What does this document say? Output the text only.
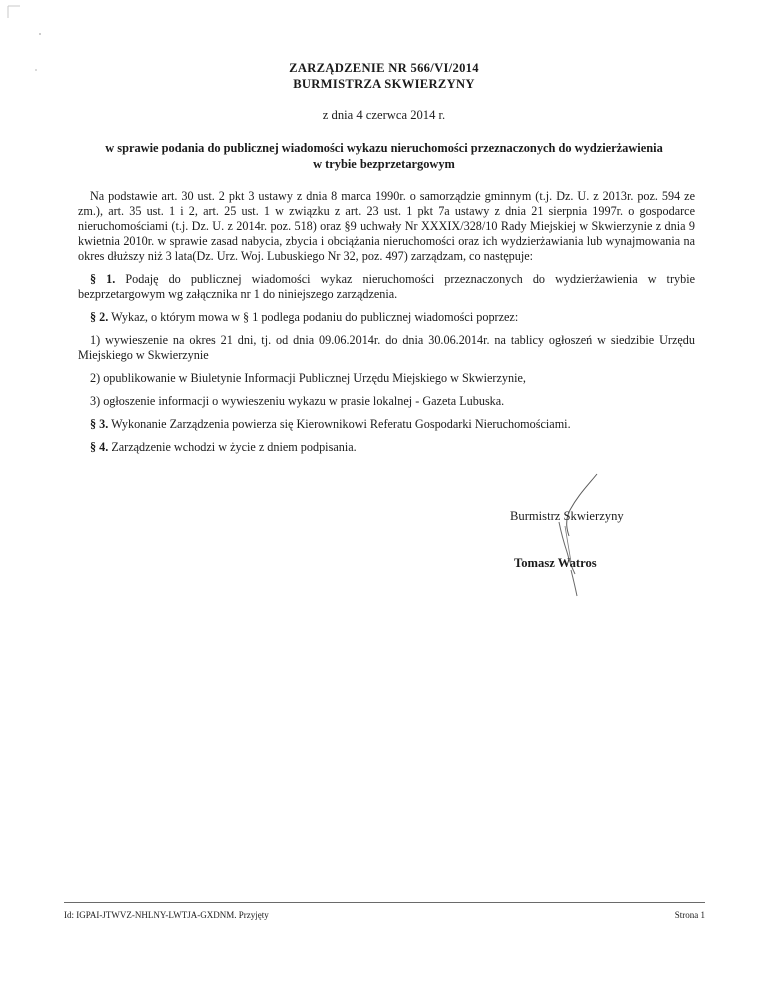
ZARZĄDZENIE NR 566/VI/2014
BURMISTRZA SKWIERZYNY
z dnia 4 czerwca 2014 r.
w sprawie podania do publicznej wiadomości wykazu nieruchomości przeznaczonych do wydzierżawienia
w trybie bezprzetargowym

Na podstawie art. 30 ust. 2 pkt 3 ustawy z dnia 8 marca 1990r. o samorządzie gminnym (t.j. Dz. U. z 2013r. poz. 594 ze zm.), art. 35 ust. 1 i 2, art. 25 ust. 1 w związku z art. 23 ust. 1 pkt 7a ustawy z dnia 21 sierpnia 1997r. o gospodarce nieruchomościami (t.j. Dz. U. z 2014r. poz. 518) oraz §9 uchwały Nr XXXIX/328/10 Rady Miejskiej w Skwierzynie z dnia 9 kwietnia 2010r. w sprawie zasad nabycia, zbycia i obciążania nieruchomości oraz ich wydzierżawiania lub wynajmowania na okres dłuższy niż 3 lata(Dz. Urz. Woj. Lubuskiego Nr 32, poz. 497) zarządzam, co następuje:

§ 1. Podaję do publicznej wiadomości wykaz nieruchomości przeznaczonych do wydzierżawienia w trybie bezprzetargowym wg załącznika nr 1 do niniejszego zarządzenia.

§ 2. Wykaz, o którym mowa w § 1 podlega podaniu do publicznej wiadomości poprzez:

1) wywieszenie na okres 21 dni, tj. od dnia 09.06.2014r. do dnia 30.06.2014r. na tablicy ogłoszeń w siedzibie Urzędu Miejskiego w Skwierzynie

2) opublikowanie w Biuletynie Informacji Publicznej Urzędu Miejskiego w Skwierzynie,

3) ogłoszenie informacji o wywieszeniu wykazu w prasie lokalnej - Gazeta Lubuska.

§ 3. Wykonanie Zarządzenia powierza się Kierownikowi Referatu Gospodarki Nieruchomościami.

§ 4. Zarządzenie wchodzi w życie z dniem podpisania.

Burmistrz Skwierzyny
Tomasz Watros
Id: IGPAI-JTWVZ-NHLNY-LWTJA-GXDNM. Przyjęty	Strona 1
